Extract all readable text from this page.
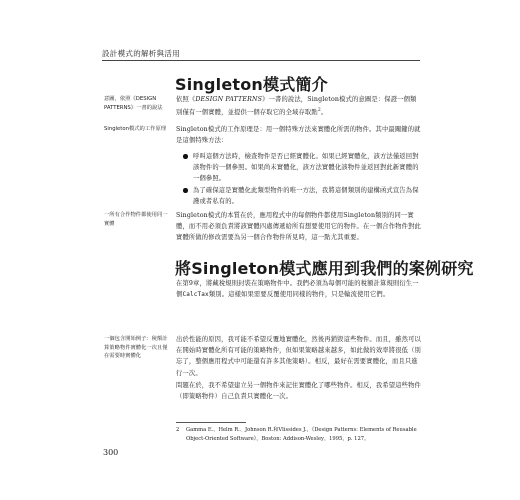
設計模式的解析與活用
Singleton模式簡介
意圖，依照《DESIGN PATTERNS》一書的說法
依照《DESIGN PATTERNS》一書的說法，Singleton模式的意圖是：保證一個類別僅有一個實體，並提供一個存取它的全域存取點$^2$。
Singleton模式的工作原理	Singleton模式的工作原理是：用一個特殊方法來實體化所需的物件。其中最關鍵的就是這個特殊方法：
呼叫這個方法時，檢查物件是否已經實體化。如果已經實體化，該方法僅返回對該物件的一個參照。如果尚未實體化，該方法實體化該物件並返回對此新實體的一個參照。
為了確保這是實體化此類型物件的唯一方法，我將這個類別的建構函式宣告為保護或者私有的。
一所有合作物件都使用同一實體
Singleton模式的本質在於，應用程式中的每個物件都使用Singleton類別的同一實體，而不用必須負責將該實體四處傳遞給所有想要使用它的物件。在一個合作物件對此實體所做的修改需要為另一個合作物件所見時，這一點尤其重要。
將Singleton模式應用到我們的案例研究
在第9章，將藏稅規則封裝在策略物件中。我們必須為每個可能的稅額計算規則衍生一個CalcTax類別。這樣如果需要反覆使用同樣的物件，只是輪流使用它們。
一個包含開始例子：稅額計算策略物件實體化一次且僅在需要時實體化
出於性能的原因，我可能不希望反覆地實體化，然後再銷毀這些物件。而且，雖然可以在開始時實體化所有可能的策略物件，但如果策略越來越多，如此做的效率將很低（別忘了，整個應用程式中可能還有許多其他策略）。相反，最好在需要實體化，而且只進行一次。
問題在於，我不希望建立另一個物件來記住實體化了哪些物件。相反，我希望這些物件（即策略物件）自己負責只實體化一次。
2	Gamma E.、Helm R.、Johnson R.和Vlissides J.，《Design Patterns: Elements of Reusable Object-Oriented Software》，Boston: Addison-Wesley，1995，p. 127。
300
